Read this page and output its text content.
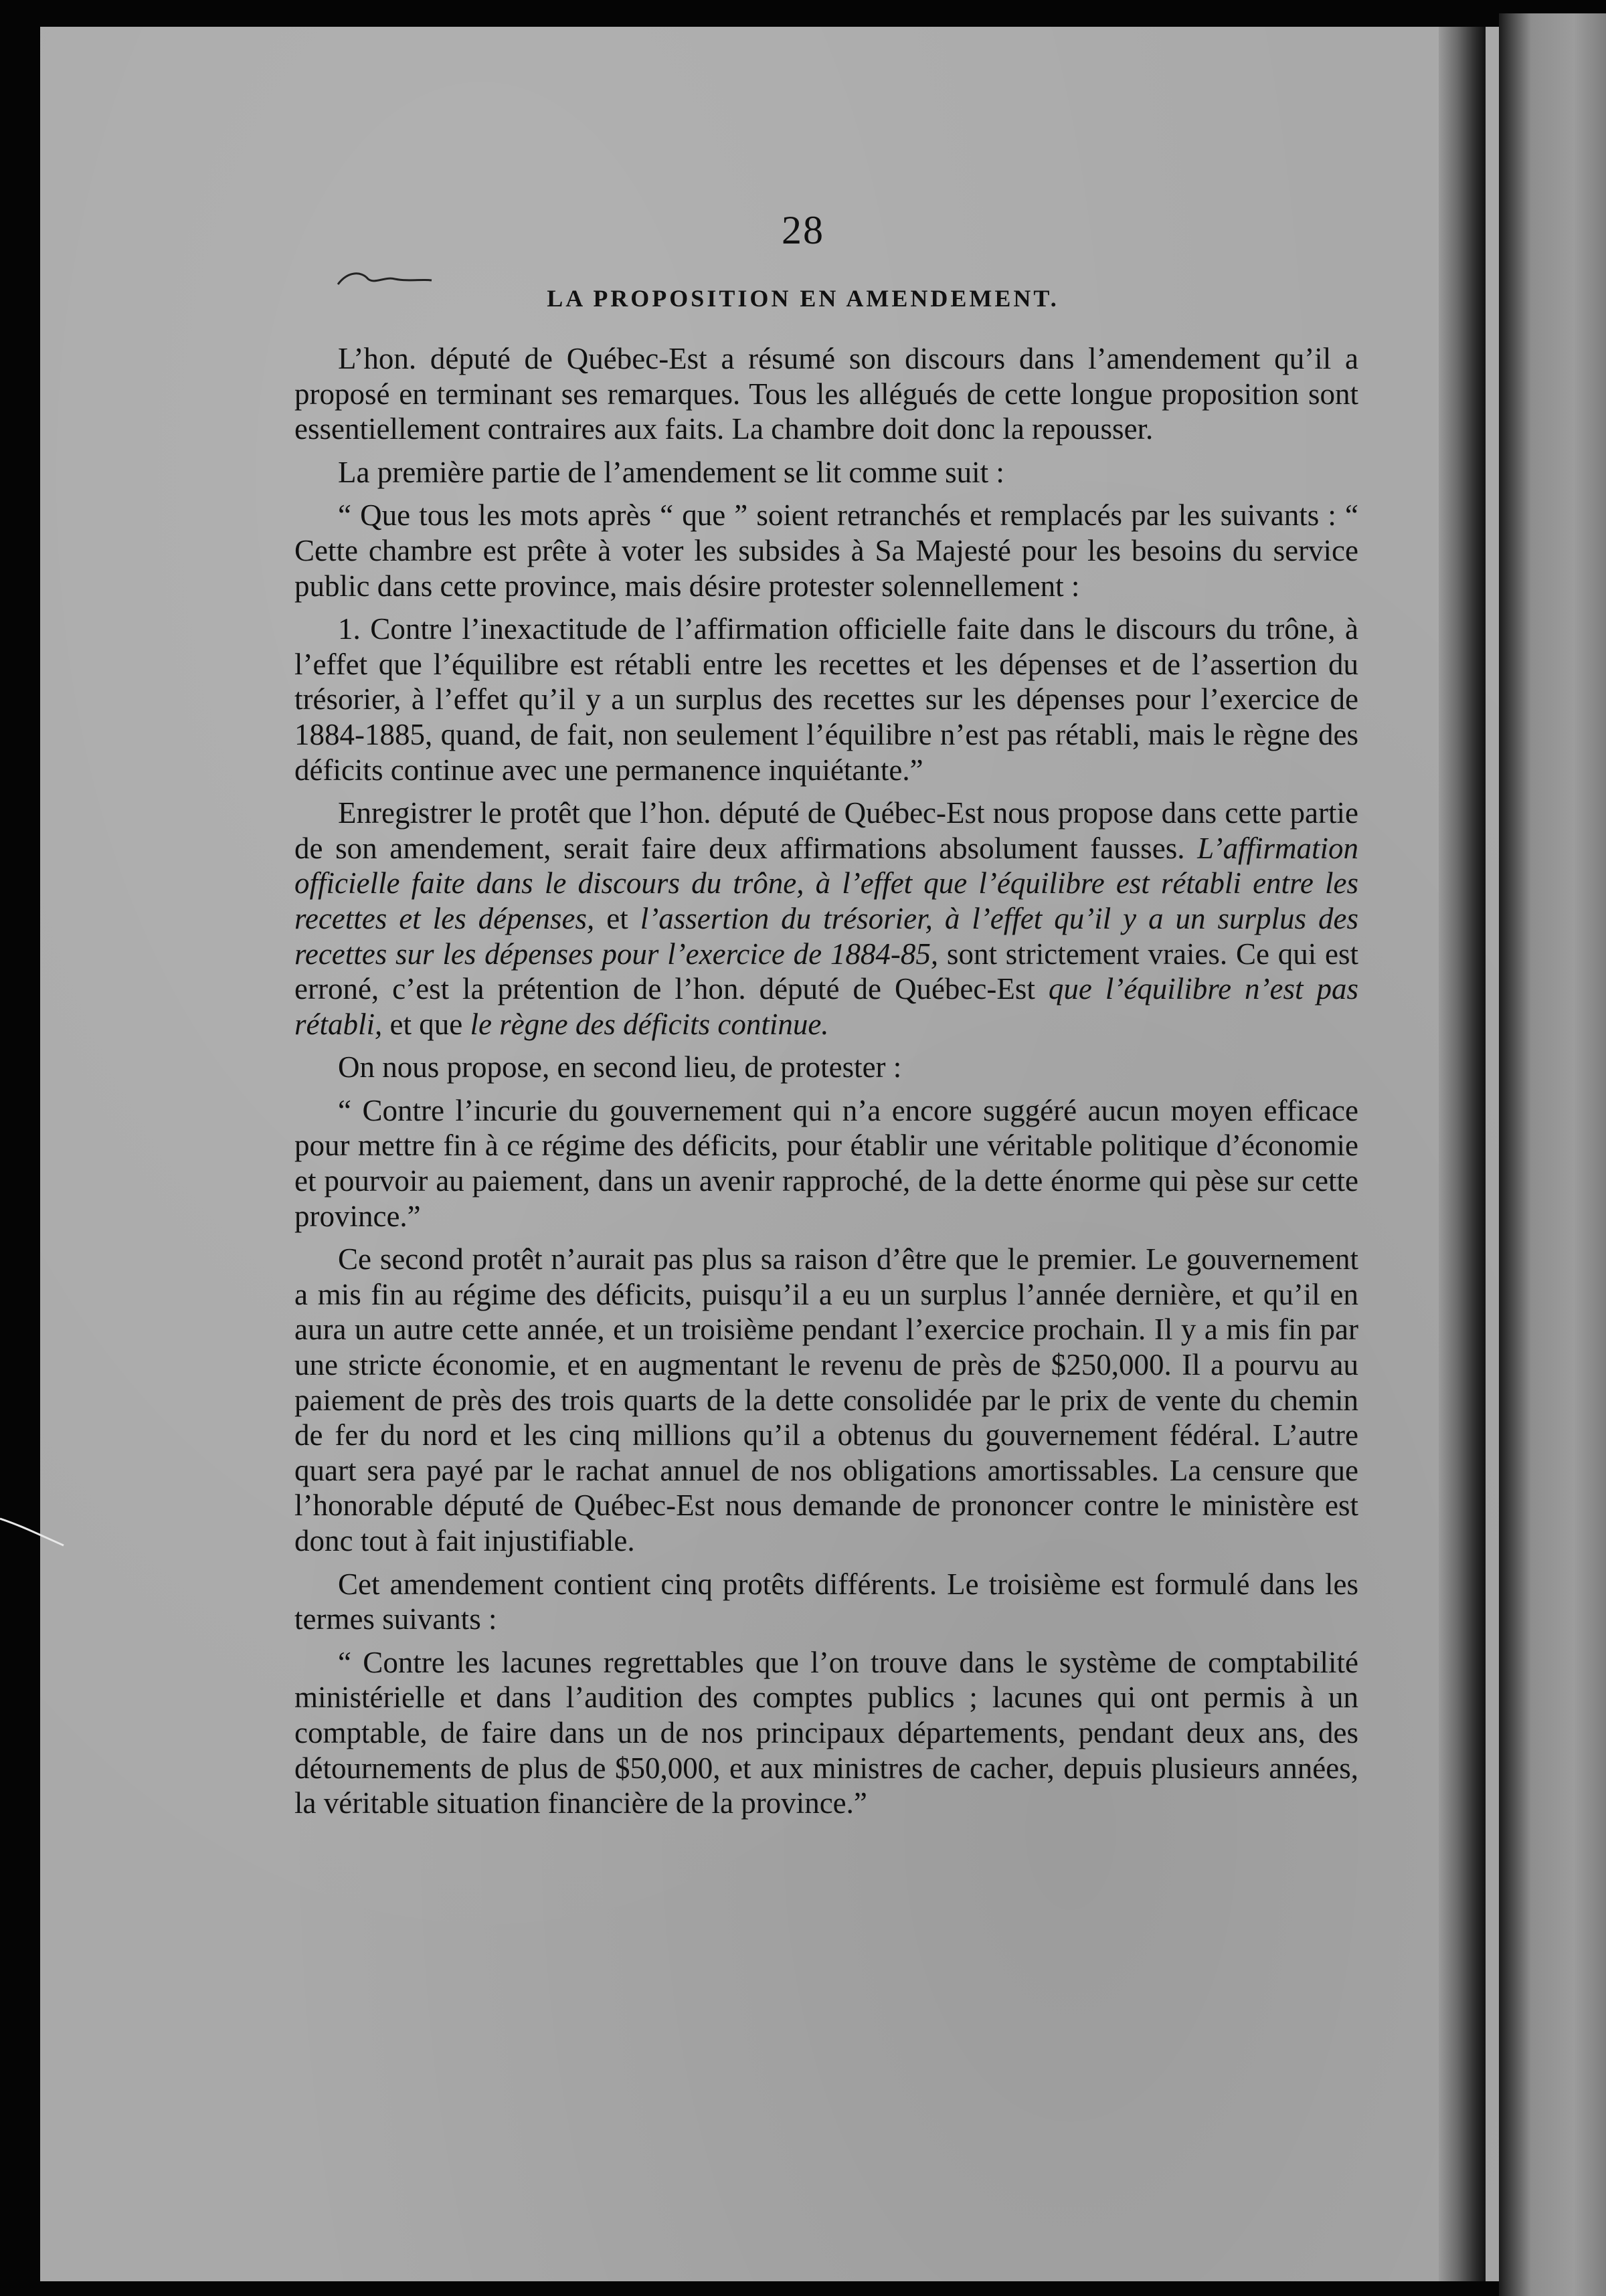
28
LA PROPOSITION EN AMENDEMENT.

L’hon. député de Québec-Est a résumé son discours dans l’amendement qu’il a proposé en terminant ses remarques. Tous les allégués de cette longue proposition sont essentiellement contraires aux faits. La chambre doit donc la repousser.

La première partie de l’amendement se lit comme suit :

“ Que tous les mots après “ que ” soient retranchés et remplacés par les suivants : “ Cette chambre est prête à voter les subsides à Sa Majesté pour les besoins du service public dans cette province, mais désire protester solennellement :

1. Contre l’inexactitude de l’affirmation officielle faite dans le discours du trône, à l’effet que l’équilibre est rétabli entre les recettes et les dépenses et de l’assertion du trésorier, à l’effet qu’il y a un surplus des recettes sur les dépenses pour l’exercice de 1884-1885, quand, de fait, non seulement l’équilibre n’est pas rétabli, mais le règne des déficits continue avec une permanence inquiétante.”

Enregistrer le protêt que l’hon. député de Québec-Est nous propose dans cette partie de son amendement, serait faire deux affirmations absolument fausses. L’affirmation officielle faite dans le discours du trône, à l’effet que l’équilibre est rétabli entre les recettes et les dépenses, et l’assertion du trésorier, à l’effet qu’il y a un surplus des recettes sur les dépenses pour l’exercice de 1884-85, sont strictement vraies. Ce qui est erroné, c’est la prétention de l’hon. député de Québec-Est que l’équilibre n’est pas rétabli, et que le règne des déficits continue.

On nous propose, en second lieu, de protester :

“ Contre l’incurie du gouvernement qui n’a encore suggéré aucun moyen efficace pour mettre fin à ce régime des déficits, pour établir une véritable politique d’économie et pourvoir au paiement, dans un avenir rapproché, de la dette énorme qui pèse sur cette province.”

Ce second protêt n’aurait pas plus sa raison d’être que le premier. Le gouvernement a mis fin au régime des déficits, puisqu’il a eu un surplus l’année dernière, et qu’il en aura un autre cette année, et un troisième pendant l’exercice prochain. Il y a mis fin par une stricte économie, et en augmentant le revenu de près de $250,000. Il a pourvu au paiement de près des trois quarts de la dette consolidée par le prix de vente du chemin de fer du nord et les cinq millions qu’il a obtenus du gouvernement fédéral. L’autre quart sera payé par le rachat annuel de nos obligations amortissables. La censure que l’honorable député de Québec-Est nous demande de prononcer contre le ministère est donc tout à fait injustifiable.

Cet amendement contient cinq protêts différents. Le troisième est formulé dans les termes suivants :

“ Contre les lacunes regrettables que l’on trouve dans le système de comptabilité ministérielle et dans l’audition des comptes publics ; lacunes qui ont permis à un comptable, de faire dans un de nos principaux départements, pendant deux ans, des détournements de plus de $50,000, et aux ministres de cacher, depuis plusieurs années, la véritable situation financière de la province.”
